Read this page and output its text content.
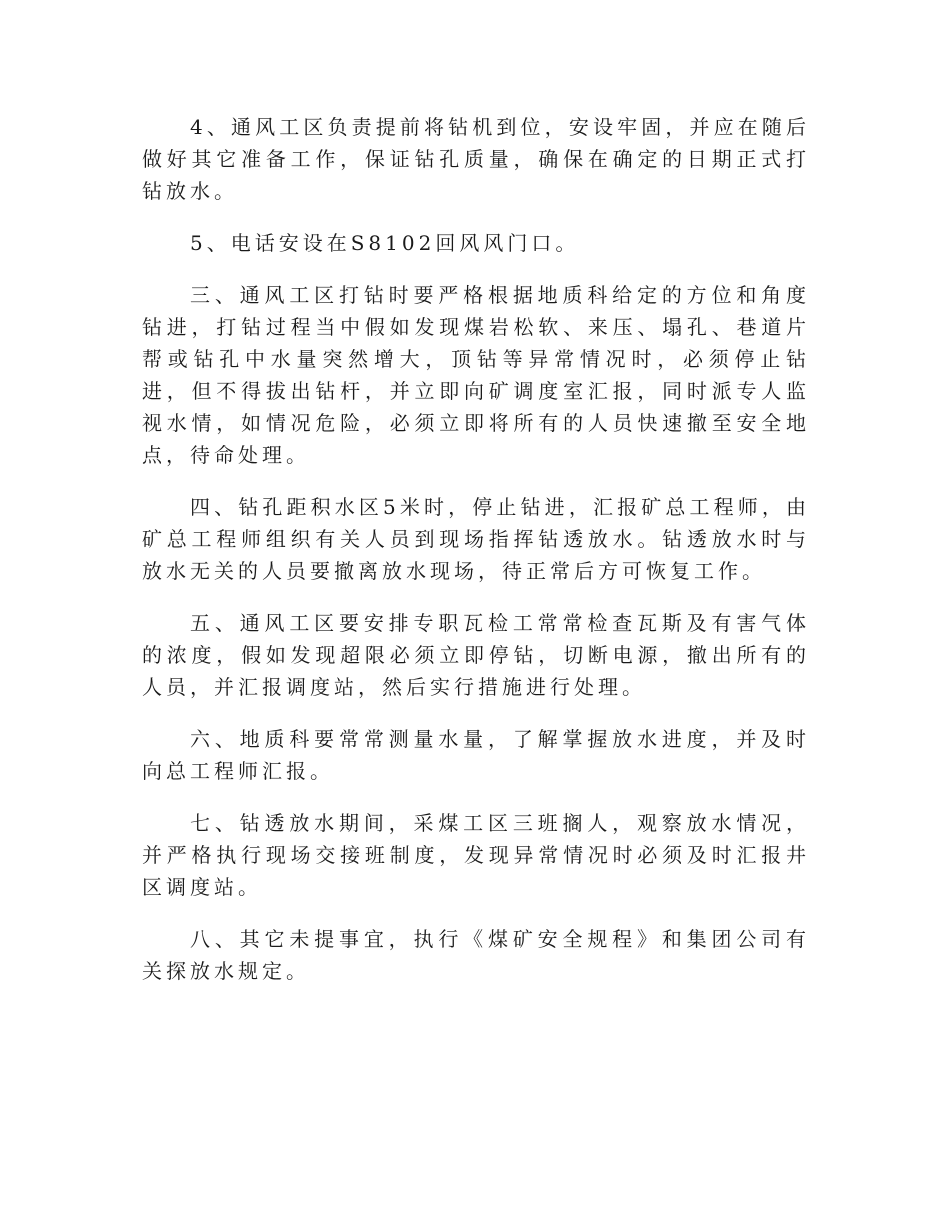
4、通风工区负责提前将钻机到位，安设牢固，并应在随后做好其它准备工作，保证钻孔质量，确保在确定的日期正式打钻放水。

5、电话安设在S8102回风风门口。

三、通风工区打钻时要严格根据地质科给定的方位和角度钻进，打钻过程当中假如发现煤岩松软、来压、塌孔、巷道片帮或钻孔中水量突然增大，顶钻等异常情况时，必须停止钻进，但不得拔出钻杆，并立即向矿调度室汇报，同时派专人监视水情，如情况危险，必须立即将所有的人员快速撤至安全地点，待命处理。

四、钻孔距积水区5米时，停止钻进，汇报矿总工程师，由矿总工程师组织有关人员到现场指挥钻透放水。钻透放水时与放水无关的人员要撤离放水现场，待正常后方可恢复工作。

五、通风工区要安排专职瓦检工常常检查瓦斯及有害气体的浓度，假如发现超限必须立即停钻，切断电源，撤出所有的人员，并汇报调度站，然后实行措施进行处理。

六、地质科要常常测量水量，了解掌握放水进度，并及时向总工程师汇报。

七、钻透放水期间，采煤工区三班搁人，观察放水情况，并严格执行现场交接班制度，发现异常情况时必须及时汇报井区调度站。

八、其它未提事宜，执行《煤矿安全规程》和集团公司有关探放水规定。
